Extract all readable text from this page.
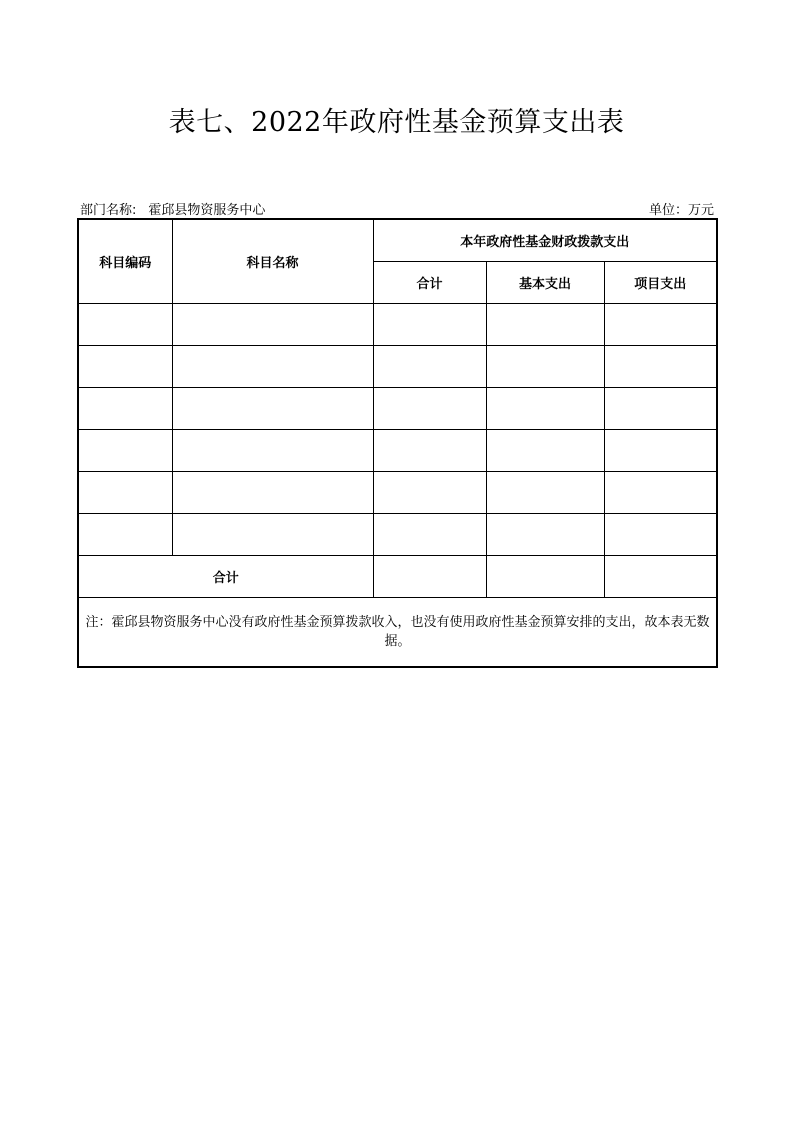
表七、2022年政府性基金预算支出表
部门名称: 霍邱县物资服务中心	单位：万元
科目编码	科目名称	本年政府性基金财政拨款支出		
		合计	基本支出	项目支出

合计				
注：霍邱县物资服务中心没有政府性基金预算拨款收入，也没有使用政府性基金预算安排的支出，故本表无数据。				
